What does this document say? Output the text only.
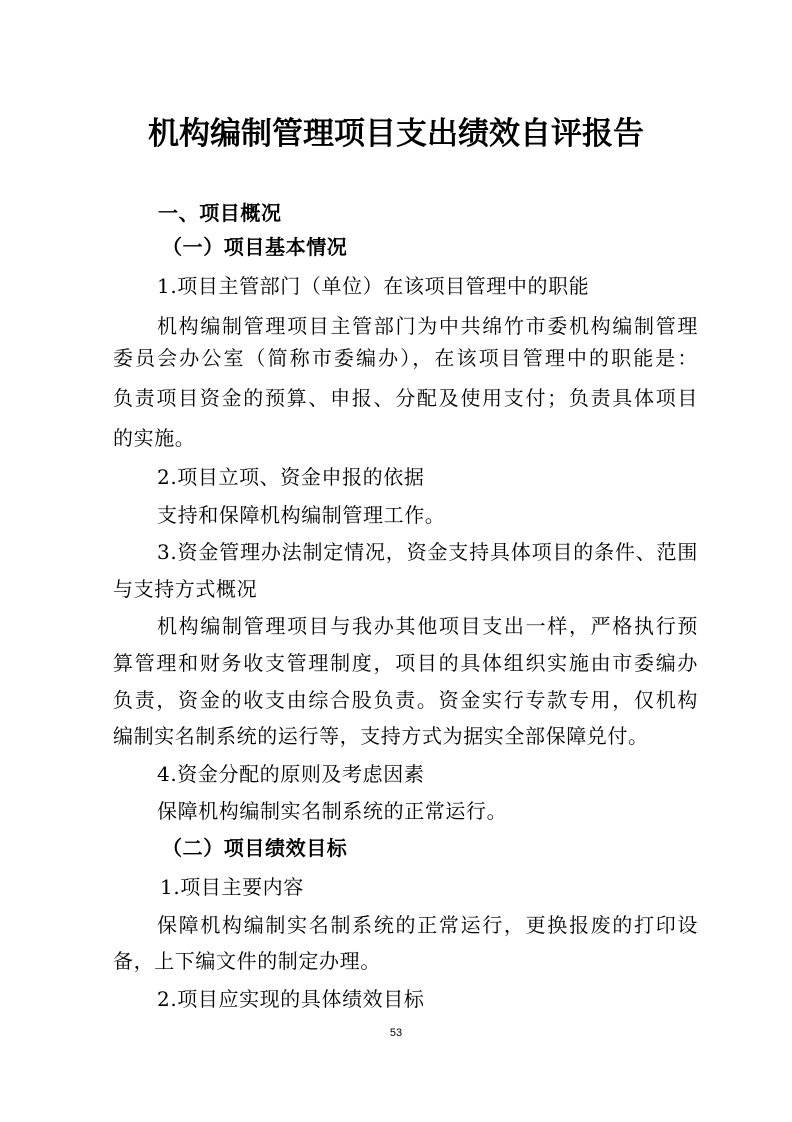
机构编制管理项目支出绩效自评报告
一、项目概况
（一）项目基本情况
1.项目主管部门（单位）在该项目管理中的职能
机构编制管理项目主管部门为中共绵竹市委机构编制管理
委员会办公室（简称市委编办），在该项目管理中的职能是：
负责项目资金的预算、申报、分配及使用支付；负责具体项目
的实施。
2.项目立项、资金申报的依据
支持和保障机构编制管理工作。
3.资金管理办法制定情况，资金支持具体项目的条件、范围
与支持方式概况
机构编制管理项目与我办其他项目支出一样，严格执行预
算管理和财务收支管理制度，项目的具体组织实施由市委编办
负责，资金的收支由综合股负责。资金实行专款专用，仅机构
编制实名制系统的运行等，支持方式为据实全部保障兑付。
4.资金分配的原则及考虑因素
保障机构编制实名制系统的正常运行。
（二）项目绩效目标
1.项目主要内容
保障机构编制实名制系统的正常运行，更换报废的打印设
备，上下编文件的制定办理。
2.项目应实现的具体绩效目标
53
